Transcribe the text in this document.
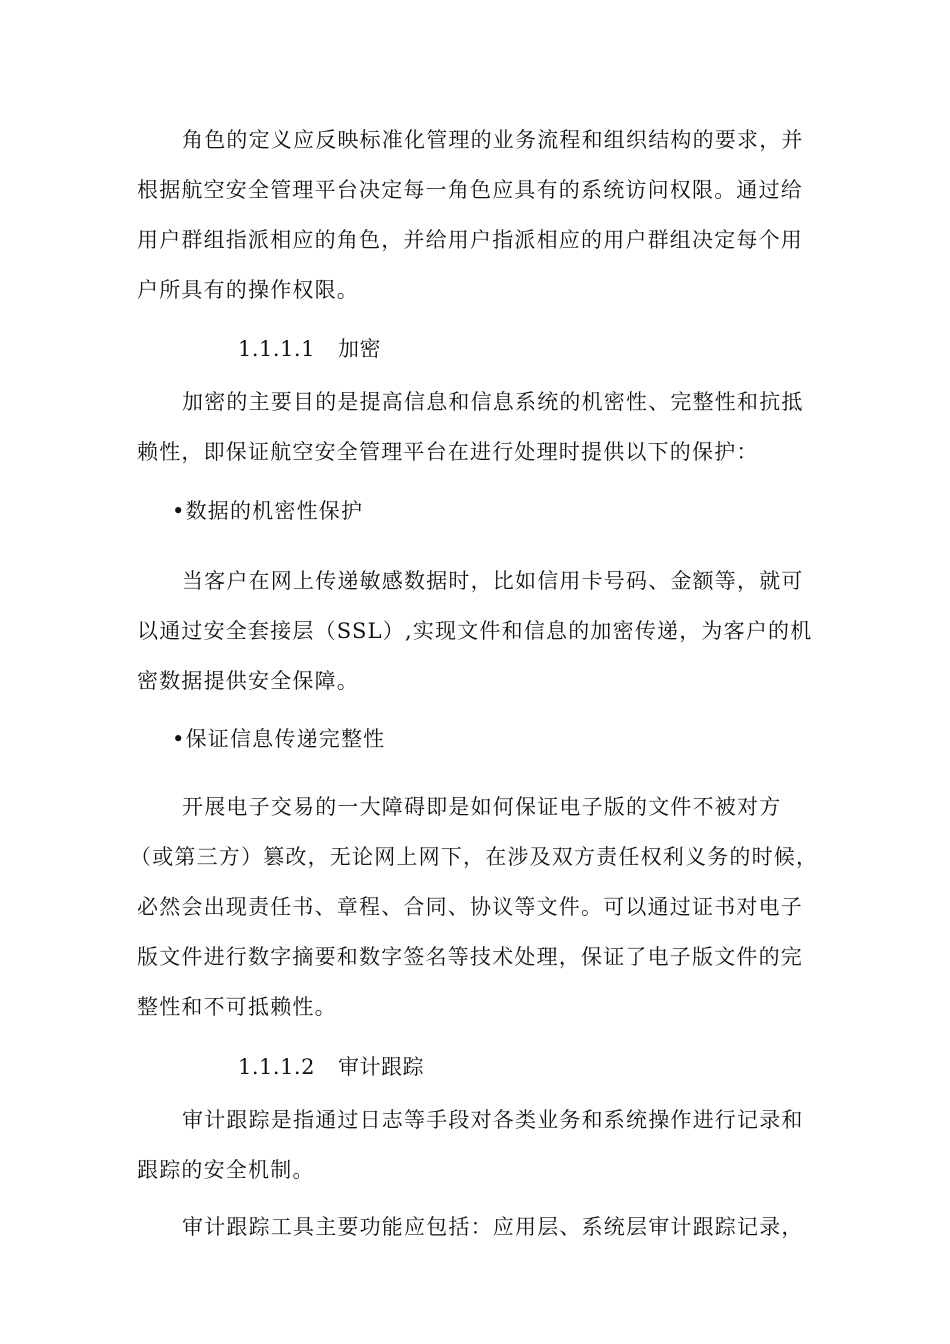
角色的定义应反映标准化管理的业务流程和组织结构的要求，并
根据航空安全管理平台决定每一角色应具有的系统访问权限。通过给
用户群组指派相应的角色，并给用户指派相应的用户群组决定每个用
户所具有的操作权限。
1.1.1.1 加密
加密的主要目的是提高信息和信息系统的机密性、完整性和抗抵
赖性，即保证航空安全管理平台在进行处理时提供以下的保护：
•数据的机密性保护
当客户在网上传递敏感数据时，比如信用卡号码、金额等，就可
以通过安全套接层（SSL）,实现文件和信息的加密传递，为客户的机
密数据提供安全保障。
•保证信息传递完整性
开展电子交易的一大障碍即是如何保证电子版的文件不被对方
（或第三方）篡改，无论网上网下，在涉及双方责任权利义务的时候，
必然会出现责任书、章程、合同、协议等文件。可以通过证书对电子
版文件进行数字摘要和数字签名等技术处理，保证了电子版文件的完
整性和不可抵赖性。
1.1.1.2 审计跟踪
审计跟踪是指通过日志等手段对各类业务和系统操作进行记录和
跟踪的安全机制。
审计跟踪工具主要功能应包括：应用层、系统层审计跟踪记录，
